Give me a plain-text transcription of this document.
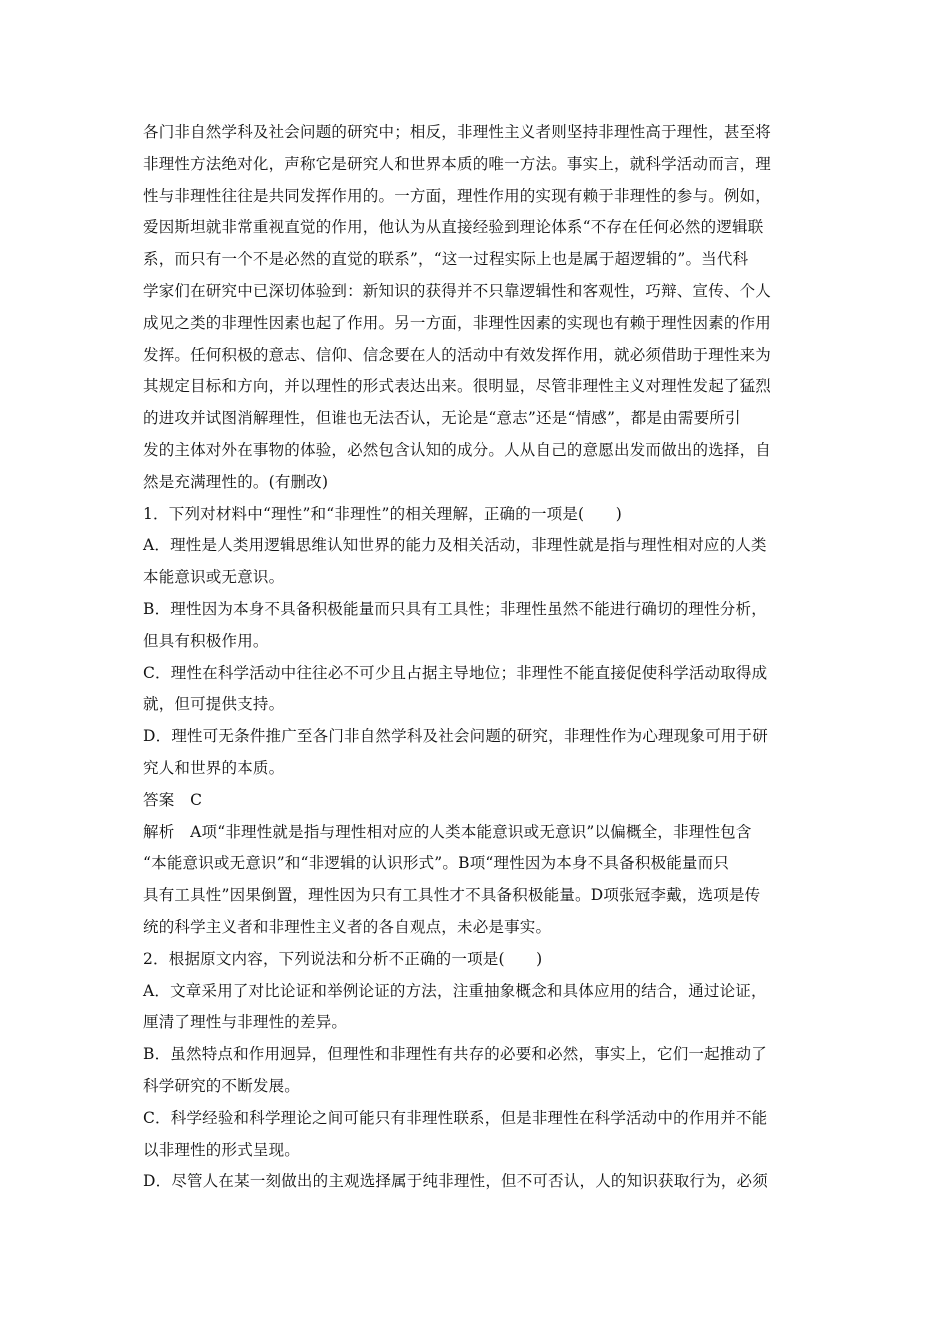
各门非自然学科及社会问题的研究中；相反，非理性主义者则坚持非理性高于理性，甚至将
非理性方法绝对化，声称它是研究人和世界本质的唯一方法。事实上，就科学活动而言，理
性与非理性往往是共同发挥作用的。一方面，理性作用的实现有赖于非理性的参与。例如，
爱因斯坦就非常重视直觉的作用，他认为从直接经验到理论体系“不存在任何必然的逻辑联
系，而只有一个不是必然的直觉的联系”，“这一过程实际上也是属于超逻辑的”。当代科
学家们在研究中已深切体验到：新知识的获得并不只靠逻辑性和客观性，巧辩、宣传、个人
成见之类的非理性因素也起了作用。另一方面，非理性因素的实现也有赖于理性因素的作用
发挥。任何积极的意志、信仰、信念要在人的活动中有效发挥作用，就必须借助于理性来为
其规定目标和方向，并以理性的形式表达出来。很明显，尽管非理性主义对理性发起了猛烈
的进攻并试图消解理性，但谁也无法否认，无论是“意志”还是“情感”，都是由需要所引
发的主体对外在事物的体验，必然包含认知的成分。人从自己的意愿出发而做出的选择，自
然是充满理性的。(有删改)
1．下列对材料中“理性”和“非理性”的相关理解，正确的一项是(　　)
A．理性是人类用逻辑思维认知世界的能力及相关活动，非理性就是指与理性相对应的人类
本能意识或无意识。
B．理性因为本身不具备积极能量而只具有工具性；非理性虽然不能进行确切的理性分析，
但具有积极作用。
C．理性在科学活动中往往必不可少且占据主导地位；非理性不能直接促使科学活动取得成
就，但可提供支持。
D．理性可无条件推广至各门非自然学科及社会问题的研究，非理性作为心理现象可用于研
究人和世界的本质。
答案　C
解析　A项“非理性就是指与理性相对应的人类本能意识或无意识”以偏概全，非理性包含
“本能意识或无意识”和“非逻辑的认识形式”。B项“理性因为本身不具备积极能量而只
具有工具性”因果倒置，理性因为只有工具性才不具备积极能量。D项张冠李戴，选项是传
统的科学主义者和非理性主义者的各自观点，未必是事实。
2．根据原文内容，下列说法和分析不正确的一项是(　　)
A．文章采用了对比论证和举例论证的方法，注重抽象概念和具体应用的结合，通过论证，
厘清了理性与非理性的差异。
B．虽然特点和作用迥异，但理性和非理性有共存的必要和必然，事实上，它们一起推动了
科学研究的不断发展。
C．科学经验和科学理论之间可能只有非理性联系，但是非理性在科学活动中的作用并不能
以非理性的形式呈现。
D．尽管人在某一刻做出的主观选择属于纯非理性，但不可否认，人的知识获取行为，必须
